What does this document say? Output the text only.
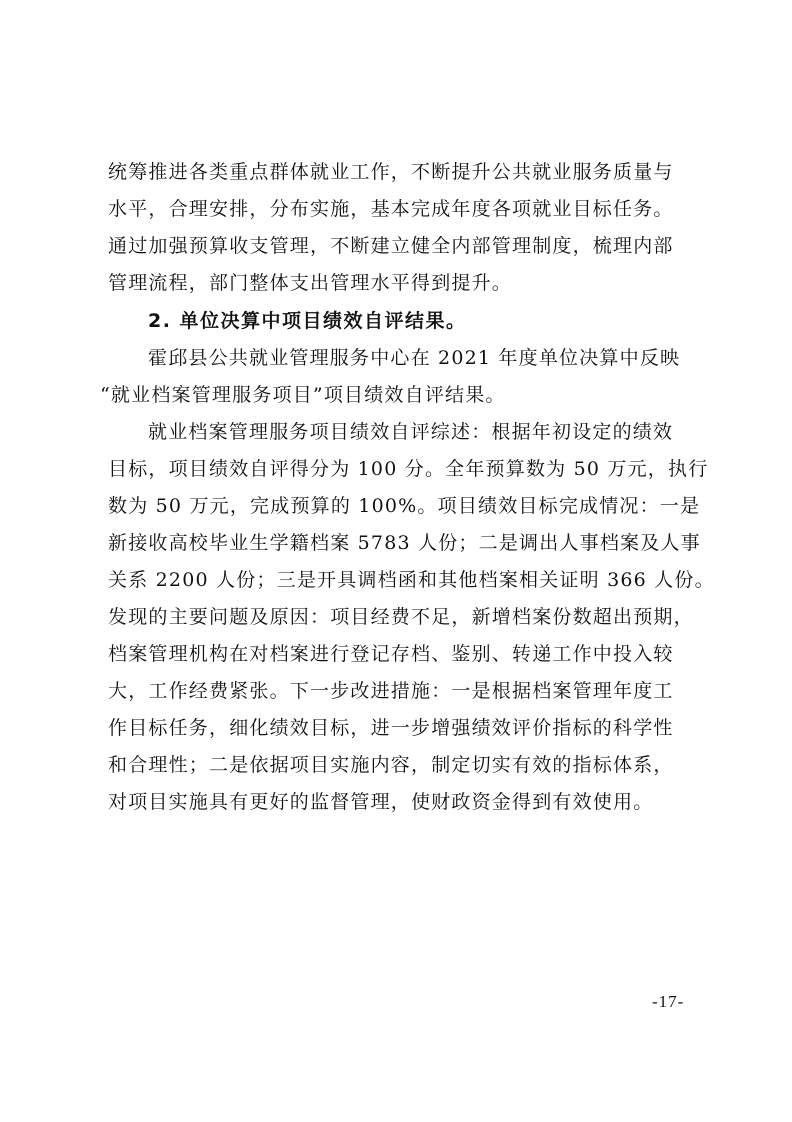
统筹推进各类重点群体就业工作，不断提升公共就业服务质量与
水平，合理安排，分布实施，基本完成年度各项就业目标任务。
通过加强预算收支管理，不断建立健全内部管理制度，梳理内部
管理流程，部门整体支出管理水平得到提升。
2. 单位决算中项目绩效自评结果。
霍邱县公共就业管理服务中心在 2021 年度单位决算中反映
“就业档案管理服务项目”项目绩效自评结果。
就业档案管理服务项目绩效自评综述：根据年初设定的绩效
目标，项目绩效自评得分为 100 分。全年预算数为 50 万元，执行
数为 50 万元，完成预算的 100%。项目绩效目标完成情况：一是
新接收高校毕业生学籍档案 5783 人份；二是调出人事档案及人事
关系 2200 人份；三是开具调档函和其他档案相关证明 366 人份。
发现的主要问题及原因：项目经费不足，新增档案份数超出预期，
档案管理机构在对档案进行登记存档、鉴别、转递工作中投入较
大，工作经费紧张。下一步改进措施：一是根据档案管理年度工
作目标任务，细化绩效目标，进一步增强绩效评价指标的科学性
和合理性；二是依据项目实施内容，制定切实有效的指标体系，
对项目实施具有更好的监督管理，使财政资金得到有效使用。
-17-
